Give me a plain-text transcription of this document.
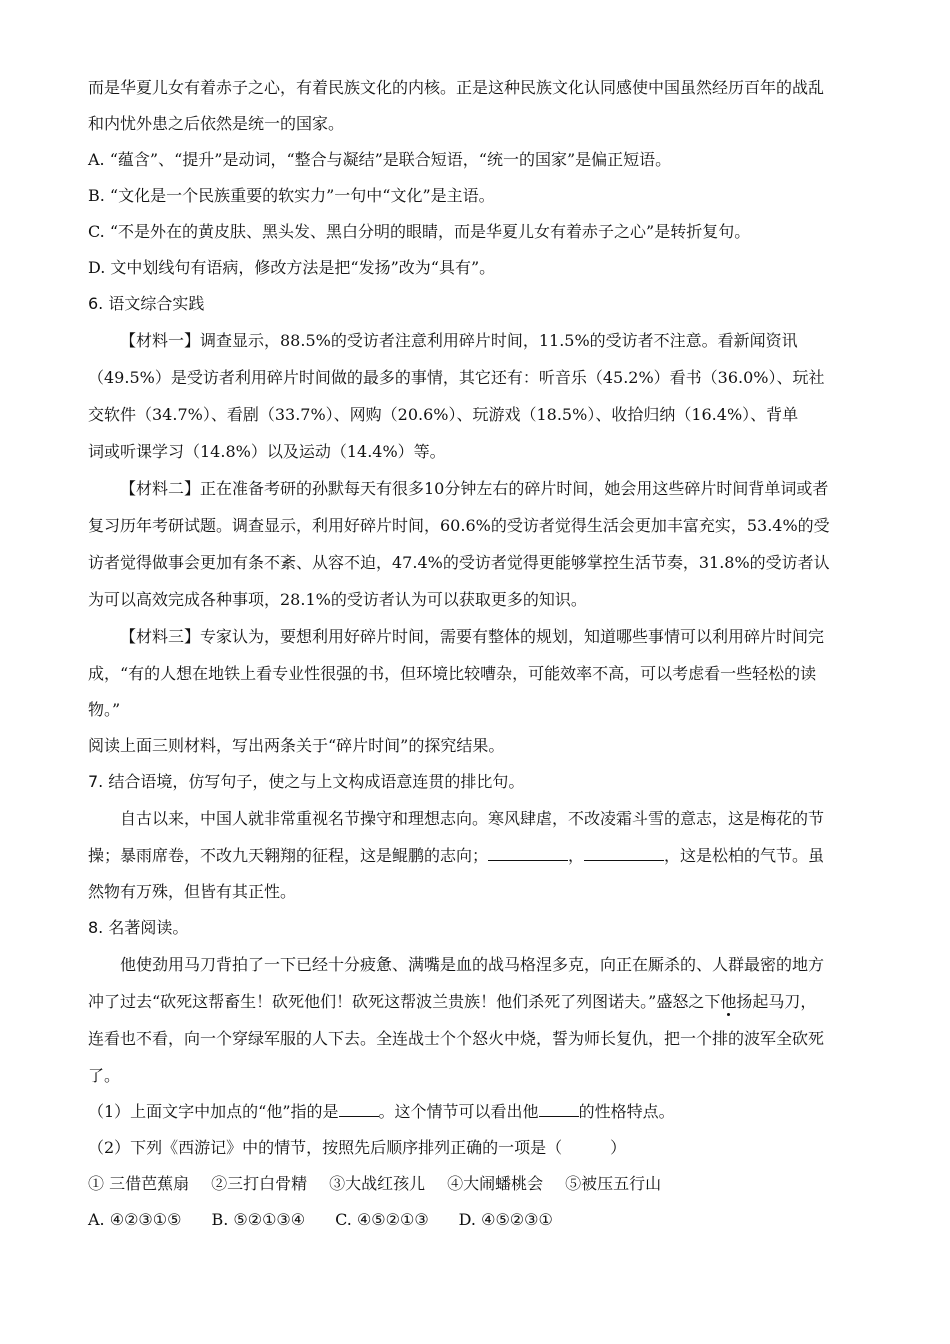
而是华夏儿女有着赤子之心，有着民族文化的内核。正是这种民族文化认同感使中国虽然经历百年的战乱
和内忧外患之后依然是统一的国家。
A. “蕴含”、“提升”是动词，“整合与凝结”是联合短语，“统一的国家”是偏正短语。
B. “文化是一个民族重要的软实力”一句中“文化”是主语。
C. “不是外在的黄皮肤、黑头发、黑白分明的眼睛，而是华夏儿女有着赤子之心”是转折复句。
D. 文中划线句有语病，修改方法是把“发扬”改为“具有”。
6. 语文综合实践
【材料一】调查显示，88.5%的受访者注意利用碎片时间，11.5%的受访者不注意。看新闻资讯
（49.5%）是受访者利用碎片时间做的最多的事情，其它还有：听音乐（45.2%）看书（36.0%）、玩社
交软件（34.7%）、看剧（33.7%）、网购（20.6%）、玩游戏（18.5%）、收拾归纳（16.4%）、背单
词或听课学习（14.8%）以及运动（14.4%）等。
【材料二】正在准备考研的孙默每天有很多10分钟左右的碎片时间，她会用这些碎片时间背单词或者
复习历年考研试题。调查显示，利用好碎片时间，60.6%的受访者觉得生活会更加丰富充实，53.4%的受
访者觉得做事会更加有条不紊、从容不迫，47.4%的受访者觉得更能够掌控生活节奏，31.8%的受访者认
为可以高效完成各种事项，28.1%的受访者认为可以获取更多的知识。
【材料三】专家认为，要想利用好碎片时间，需要有整体的规划，知道哪些事情可以利用碎片时间完
成，“有的人想在地铁上看专业性很强的书，但环境比较嘈杂，可能效率不高，可以考虑看一些轻松的读
物。”
阅读上面三则材料，写出两条关于“碎片时间”的探究结果。
7. 结合语境，仿写句子，使之与上文构成语意连贯的排比句。
自古以来，中国人就非常重视名节操守和理想志向。寒风肆虐，不改凌霜斗雪的意志，这是梅花的节
操；暴雨席卷，不改九天翱翔的征程，这是鲲鹏的志向；	，	，这是松柏的气节。虽
然物有万殊，但皆有其正性。
8. 名著阅读。
他使劲用马刀背拍了一下已经十分疲惫、满嘴是血的战马格涅多克，向正在厮杀的、人群最密的地方
冲了过去“砍死这帮畜生！砍死他们！砍死这帮波兰贵族！他们杀死了列图诺夫。”盛怒之下他扬起马刀，
连看也不看，向一个穿绿军服的人下去。全连战士个个怒火中烧，誓为师长复仇，把一个排的波军全砍死
了。
（1）上面文字中加点的“他”指的是	。这个情节可以看出他	的性格特点。
（2）下列《西游记》中的情节，按照先后顺序排列正确的一项是（　　　）
① 三借芭蕉扇 ②三打白骨精 ③大战红孩儿 ④大闹蟠桃会 ⑤被压五行山
A. ④②③①⑤ B. ⑤②①③④ C. ④⑤②①③ D. ④⑤②③①
